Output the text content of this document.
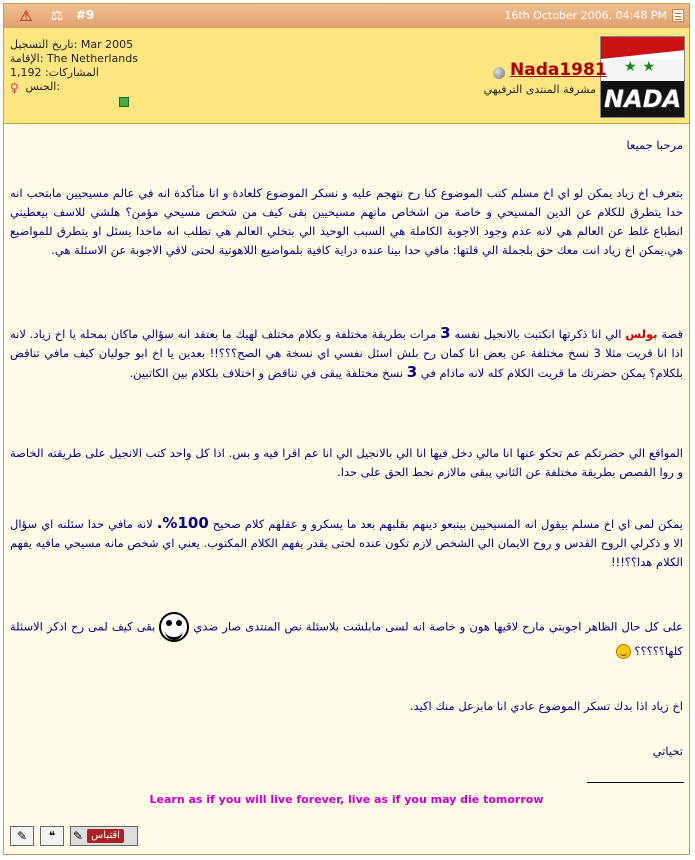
⚠	⚖	#9	16th October 2006, 04:48 PM
★★
NADA
Nada1981
مشرفة المنتدى الترفيهي
تاريخ التسجيل: Mar 2005
الإقامة: The Netherlands
المشاركات: 1,192
♀ الجنس:
مرحبا جميعا
بتعرف اخ زياد يمكن لو اي اخ مسلم كتب الموضوع كنا رح نتهجم عليه و نسكر الموضوع كلعادة و انا متأكدة انه في عالم مسيحيين مابتحب انه حدا يتطرق للكلام عن الدين المسيحي و خاصة من اشخاص مانهم مسيحيين بقى كيف من شخص مسيحي مؤمن؟ هلشي للاسف بيعطيني انطباع غلط عن العالم هي لانه عدم وجود الاجوبة الكاملة هي السبب الوحيد الي بتخلي العالم هي تطلب انه ماحدا يسئل او يتطرق للمواضيع هي.يمكن اخ زياد انت معك حق بلجملة الي قلتها: مافي حدا بينا عنده دراية كافية بلمواضيع اللاهوتية لحتى لاقي الاجوبة عن الاسئلة هي.
قصة بولس الي انا ذكرتها انكتبت بالانجيل نفسه 3 مرات بطريقة مختلفة و بكلام مختلف لهيك ما بعتقد انه سؤالي ماكان بمحله يا اخ زياد. لانه اذا انا قريت مثلا 3 نسخ مختلفة عن بعض انا كمان رح بلش اسئل نفسي اي نسخة هي الصح؟؟؟!! بعدين يا اخ ابو جوليان كيف مافي تناقض بلكلام؟ يمكن حضرتك ما قريت الكلام كله لانه مادام في 3 نسخ مختلفة يبقى في تناقض و اختلاف بلكلام بين الكاتبين.
المواقع الي حضرتكم عم تحكو عنها انا مالي دخل فيها انا الي بالانجيل الي انا عم اقرا فيه و بس. اذا كل واحد كتب الانجيل على طريقته الخاصة و روا القصص بطريقة مختلفة عن الثاني يبقى مالازم نحط الحق على حدا.
يمكن لمى اي اخ مسلم بيقول انه المسيحيين بيتبعو دينهم بقلبهم بعد ما يسكرو و عقلهم كلام صحيح 100%. لانه مافي حدا سئلنه اي سؤال الا و ذكرلي الروح القدس و روح الايمان الي الشخص لازم تكون عنده لحتى يقدر يفهم الكلام المكتوب. يعني اي شخص مانه مسيحي مافيه يفهم الكلام هدا؟؟!!!
على كل حال الظاهر اجوبتي مارح لاقيها هون و خاصة انه لسى مابلشت بلاسئلة نص المنتدى صار ضدي  بقى كيف لمى رح اذكر الاسئلة كلها؟؟؟؟؟
اخ زياد اذا بدك تسكر الموضوع عادي انا مابزعل منك اكيد.
تحياتي
Learn as if you will live forever, live as if you may die tomorrow
✎ ❝ ✎ اقتباس
